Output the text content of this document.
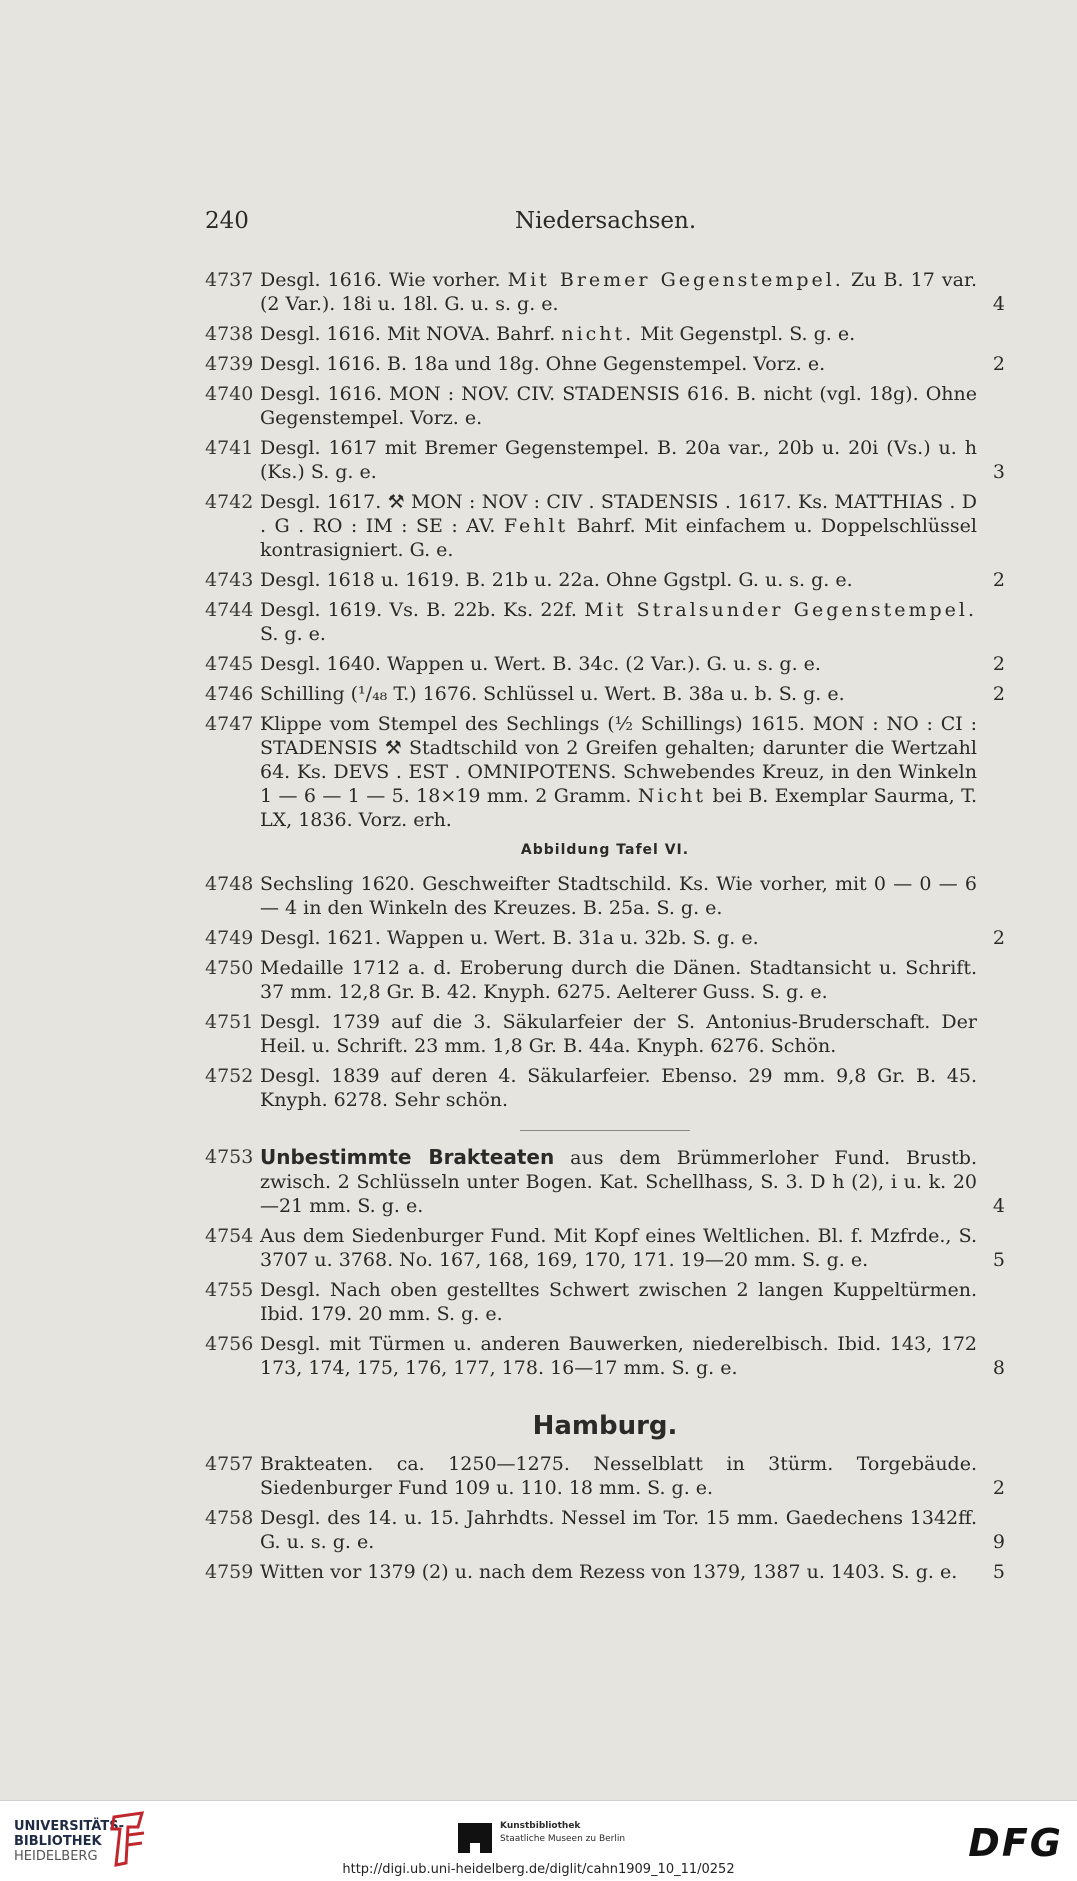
240	Niedersachsen.
4737 Desgl. 1616. Wie vorher. Mit Bremer Gegenstempel. Zu B. 17 var. (2 Var.). 18i u. 18l. G. u. s. g. e.	4
4738 Desgl. 1616. Mit NOVA. Bahrf. nicht. Mit Gegenstpl. S. g. e.
4739 Desgl. 1616. B. 18a und 18g. Ohne Gegenstempel. Vorz. e.	2
4740 Desgl. 1616. MON : NOV. CIV. STADENSIS 616. B. nicht (vgl. 18g). Ohne Gegenstempel. Vorz. e.
4741 Desgl. 1617 mit Bremer Gegenstempel. B. 20a var., 20b u. 20i (Vs.) u. h (Ks.) S. g. e.	3
4742 Desgl. 1617. ⚒ MON : NOV : CIV . STADENSIS . 1617. Ks. MATTHIAS . D . G . RO : IM : SE : AV. Fehlt Bahrf. Mit einfachem u. Doppelschlüssel kontrasigniert. G. e.
4743 Desgl. 1618 u. 1619. B. 21b u. 22a. Ohne Ggstpl. G. u. s. g. e.	2
4744 Desgl. 1619. Vs. B. 22b. Ks. 22f. Mit Stralsunder Gegenstempel. S. g. e.
4745 Desgl. 1640. Wappen u. Wert. B. 34c. (2 Var.). G. u. s. g. e.	2
4746 Schilling (¹/₄₈ T.) 1676. Schlüssel u. Wert. B. 38a u. b. S. g. e.	2
4747 Klippe vom Stempel des Sechlings (½ Schillings) 1615. MON : NO : CI : STADENSIS ⚒ Stadtschild von 2 Greifen gehalten; darunter die Wertzahl 64. Ks. DEVS . EST . OMNIPOTENS. Schwebendes Kreuz, in den Winkeln 1 — 6 — 1 — 5. 18×19 mm. 2 Gramm. Nicht bei B. Exemplar Saurma, T. LX, 1836. Vorz. erh.
Abbildung Tafel VI.
4748 Sechsling 1620. Geschweifter Stadtschild. Ks. Wie vorher, mit 0 — 0 — 6 — 4 in den Winkeln des Kreuzes. B. 25a. S. g. e.
4749 Desgl. 1621. Wappen u. Wert. B. 31a u. 32b. S. g. e.	2
4750 Medaille 1712 a. d. Eroberung durch die Dänen. Stadtansicht u. Schrift. 37 mm. 12,8 Gr. B. 42. Knyph. 6275. Aelterer Guss. S. g. e.
4751 Desgl. 1739 auf die 3. Säkularfeier der S. Antonius-Bruderschaft. Der Heil. u. Schrift. 23 mm. 1,8 Gr. B. 44a. Knyph. 6276. Schön.
4752 Desgl. 1839 auf deren 4. Säkularfeier. Ebenso. 29 mm. 9,8 Gr. B. 45. Knyph. 6278. Sehr schön.
4753 Unbestimmte Brakteaten aus dem Brümmerloher Fund. Brustb. zwisch. 2 Schlüsseln unter Bogen. Kat. Schellhass, S. 3. D h (2), i u. k. 20—21 mm. S. g. e.	4
4754 Aus dem Siedenburger Fund. Mit Kopf eines Weltlichen. Bl. f. Mzfrde., S. 3707 u. 3768. No. 167, 168, 169, 170, 171. 19—20 mm. S. g. e.	5
4755 Desgl. Nach oben gestelltes Schwert zwischen 2 langen Kuppeltürmen. Ibid. 179. 20 mm. S. g. e.
4756 Desgl. mit Türmen u. anderen Bauwerken, niederelbisch. Ibid. 143, 172 173, 174, 175, 176, 177, 178. 16—17 mm. S. g. e.	8
Hamburg.
4757 Brakteaten. ca. 1250—1275. Nesselblatt in 3türm. Torgebäude. Siedenburger Fund 109 u. 110. 18 mm. S. g. e.	2
4758 Desgl. des 14. u. 15. Jahrhdts. Nessel im Tor. 15 mm. Gaedechens 1342ff. G. u. s. g. e.	9
4759 Witten vor 1379 (2) u. nach dem Rezess von 1379, 1387 u. 1403. S. g. e.	5
UNIVERSITÄTS-
BIBLIOTHEK
HEIDELBERG
Kunstbibliothek
Staatliche Museen zu Berlin	DFG
http://digi.ub.uni-heidelberg.de/diglit/cahn1909_10_11/0252
